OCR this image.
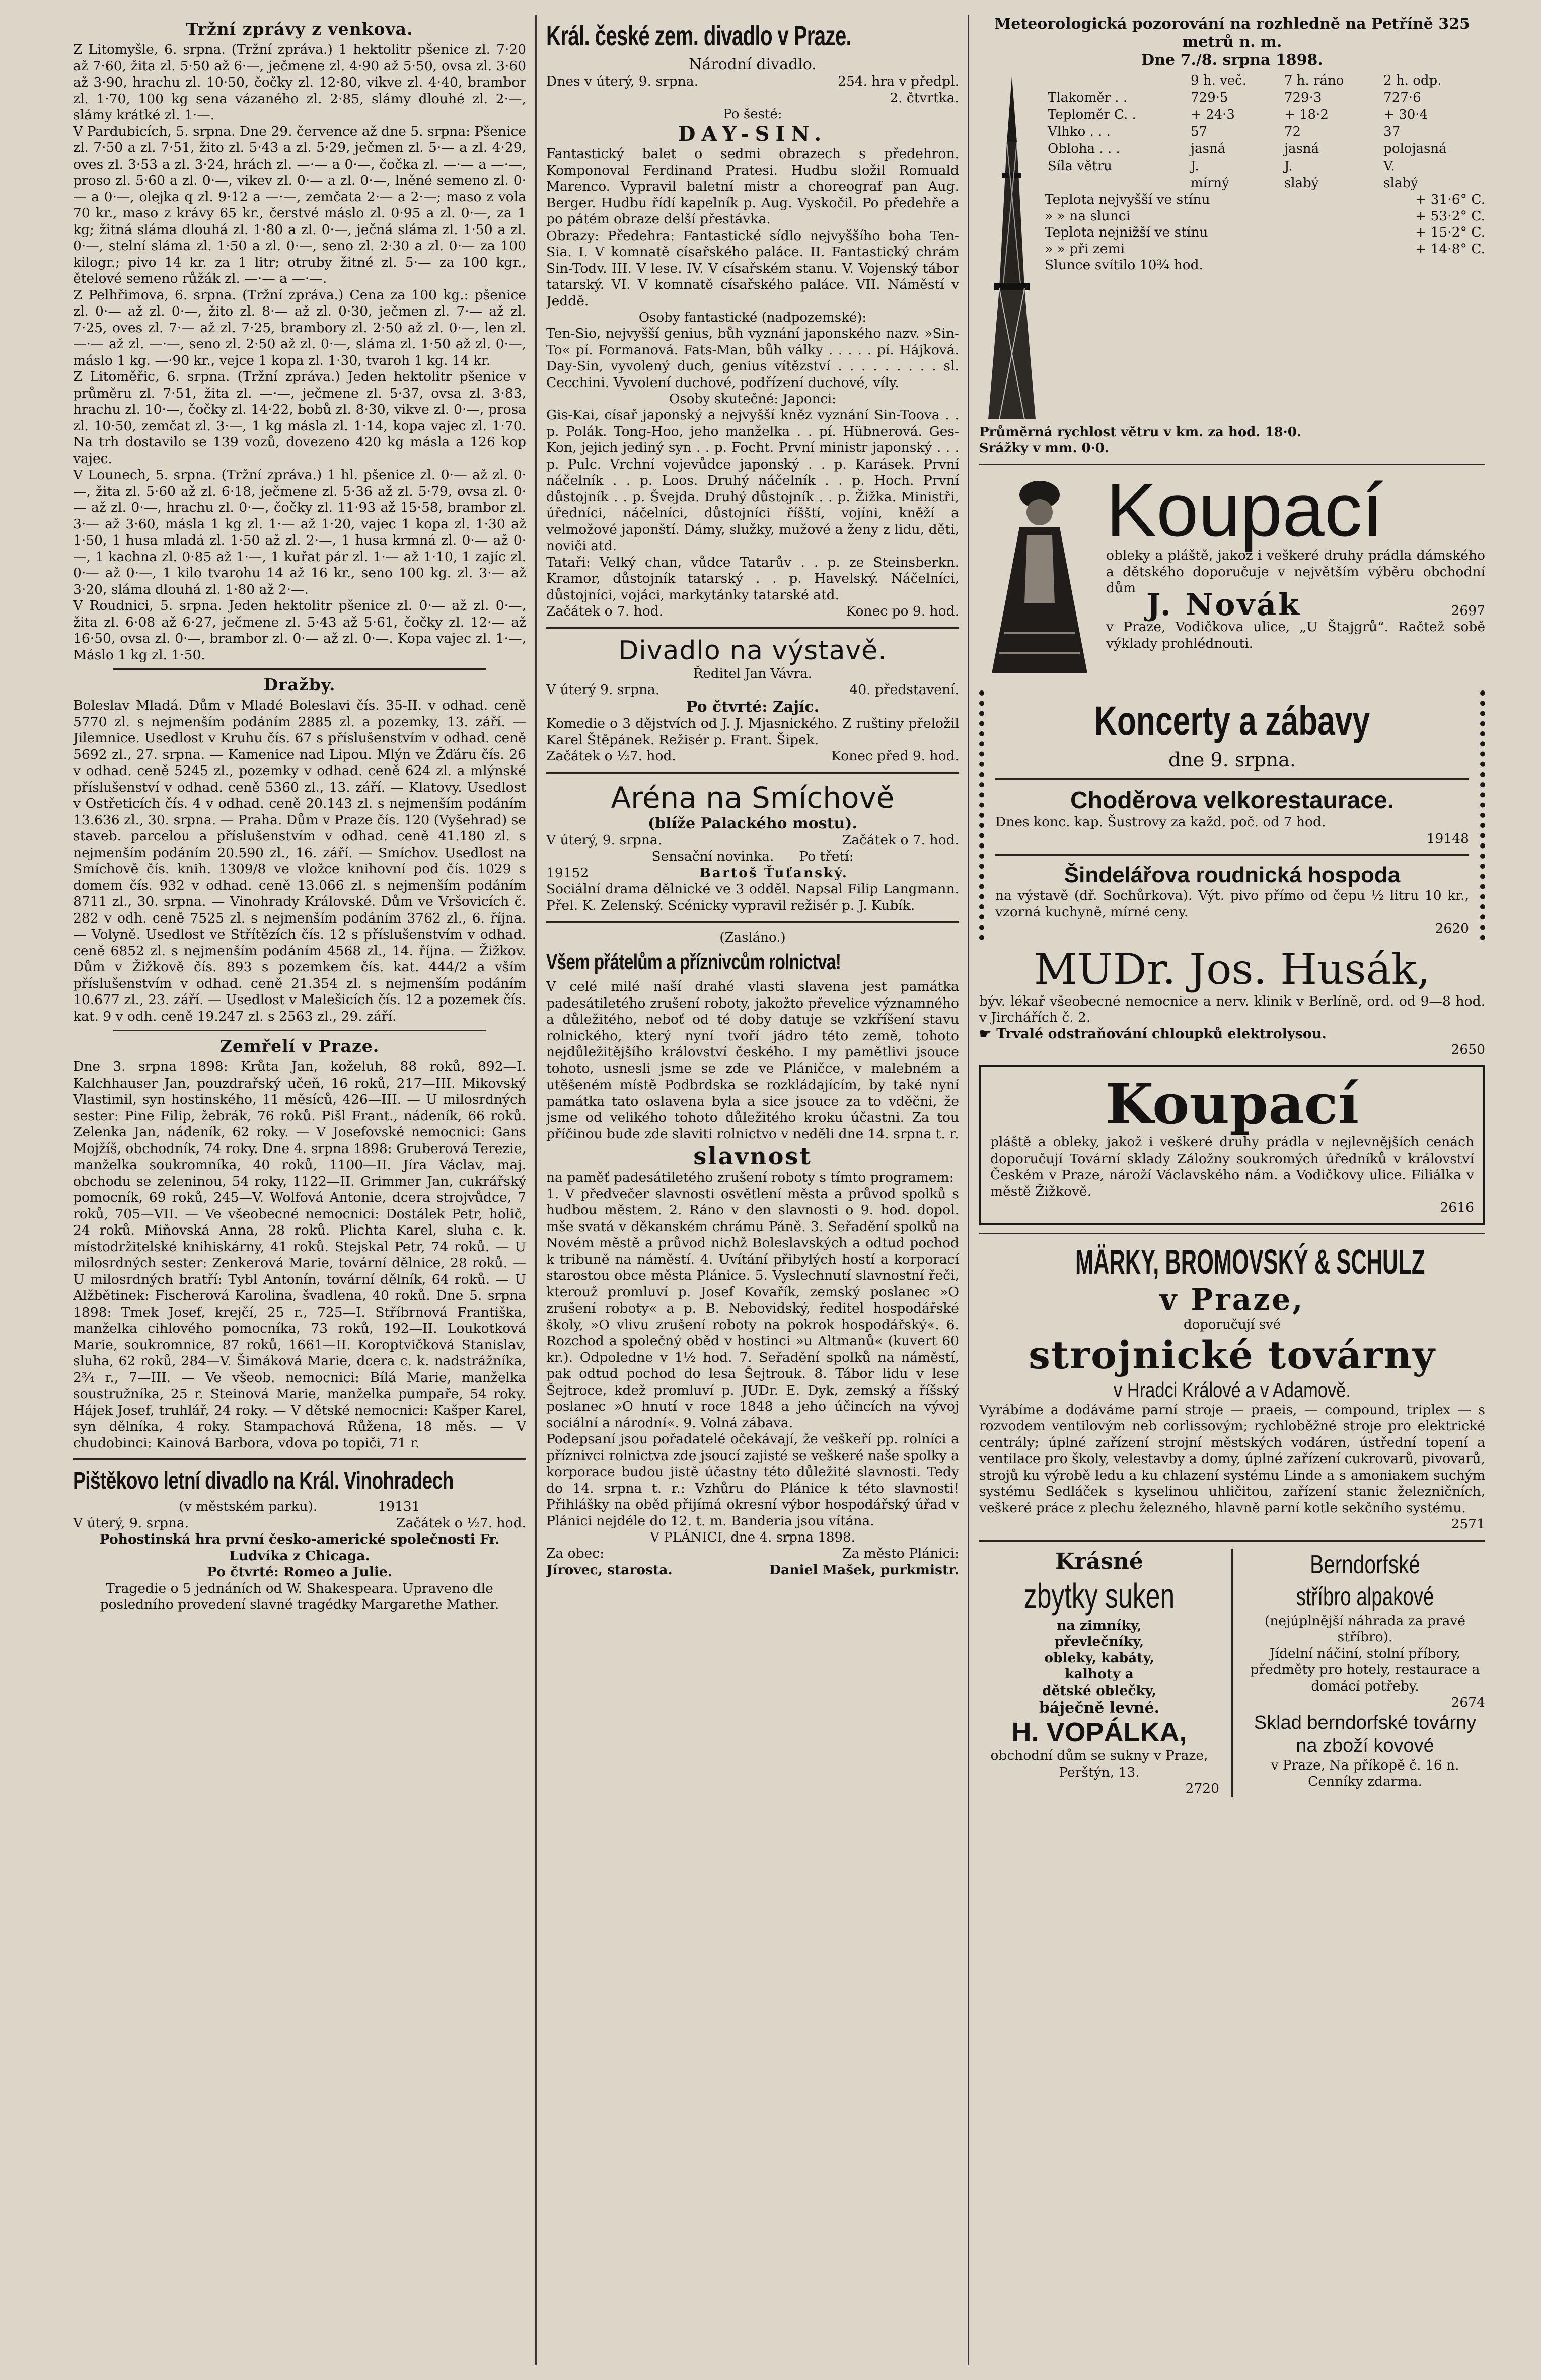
Tržní zprávy z venkova.

Z Litomyšle, 6. srpna. (Tržní zpráva.) 1 hektolitr pšenice zl. 7·20 až 7·60, žita zl. 5·50 až 6·—, ječmene zl. 4·90 až 5·50, ovsa zl. 3·60 až 3·90, hrachu zl. 10·50, čočky zl. 12·80, vikve zl. 4·40, brambor zl. 1·70, 100 kg sena vázaného zl. 2·85, slámy dlouhé zl. 2·—, slámy krátké zl. 1·—.

V Pardubicích, 5. srpna. Dne 29. července až dne 5. srpna: Pšenice zl. 7·50 a zl. 7·51, žito zl. 5·43 a zl. 5·29, ječmen zl. 5·— a zl. 4·29, oves zl. 3·53 a zl. 3·24, hrách zl. —·— a 0·—, čočka zl. —·— a —·—, proso zl. 5·60 a zl. 0·—, vikev zl. 0·— a zl. 0·—, lněné semeno zl. 0·— a 0·—, olejka q zl. 9·12 a —·—, zemčata 2·— a 2·—; maso z vola 70 kr., maso z krávy 65 kr., čerstvé máslo zl. 0·95 a zl. 0·—, za 1 kg; žitná sláma dlouhá zl. 1·80 a zl. 0·—, ječná sláma zl. 1·50 a zl. 0·—, stelní sláma zl. 1·50 a zl. 0·—, seno zl. 2·30 a zl. 0·— za 100 kilogr.; pivo 14 kr. za 1 litr; otruby žitné zl. 5·— za 100 kgr., ětelové semeno růžák zl. —·— a —·—.

Z Pelhřimova, 6. srpna. (Tržní zpráva.) Cena za 100 kg.: pšenice zl. 0·— až zl. 0·—, žito zl. 8·— až zl. 0·30, ječmen zl. 7·— až zl. 7·25, oves zl. 7·— až zl. 7·25, brambory zl. 2·50 až zl. 0·—, len zl. —·— až zl. —·—, seno zl. 2·50 až zl. 0·—, sláma zl. 1·50 až zl. 0·—, máslo 1 kg. —·90 kr., vejce 1 kopa zl. 1·30, tvaroh 1 kg. 14 kr.

Z Litoměřic, 6. srpna. (Tržní zpráva.) Jeden hektolitr pšenice v průměru zl. 7·51, žita zl. —·—, ječmene zl. 5·37, ovsa zl. 3·83, hrachu zl. 10·—, čočky zl. 14·22, bobů zl. 8·30, vikve zl. 0·—, prosa zl. 10·50, zemčat zl. 3·—, 1 kg másla zl. 1·14, kopa vajec zl. 1·70. Na trh dostavilo se 139 vozů, dovezeno 420 kg másla a 126 kop vajec.

V Lounech, 5. srpna. (Tržní zpráva.) 1 hl. pšenice zl. 0·— až zl. 0·—, žita zl. 5·60 až zl. 6·18, ječmene zl. 5·36 až zl. 5·79, ovsa zl. 0·— až zl. 0·—, hrachu zl. 0·—, čočky zl. 11·93 až 15·58, brambor zl. 3·— až 3·60, másla 1 kg zl. 1·— až 1·20, vajec 1 kopa zl. 1·30 až 1·50, 1 husa mladá zl. 1·50 až zl. 2·—, 1 husa krmná zl. 0·— až 0·—, 1 kachna zl. 0·85 až 1·—, 1 kuřat pár zl. 1·— až 1·10, 1 zajíc zl. 0·— až 0·—, 1 kilo tvarohu 14 až 16 kr., seno 100 kg. zl. 3·— až 3·20, sláma dlouhá zl. 1·80 až 2·—.

V Roudnici, 5. srpna. Jeden hektolitr pšenice zl. 0·— až zl. 0·—, žita zl. 6·08 až 6·27, ječmene zl. 5·43 až 5·61, čočky zl. 12·— až 16·50, ovsa zl. 0·—, brambor zl. 0·— až zl. 0·—. Kopa vajec zl. 1·—, Máslo 1 kg zl. 1·50.

Dražby.

Boleslav Mladá. Dům v Mladé Boleslavi čís. 35-II. v odhad. ceně 5770 zl. s nejmenším podáním 2885 zl. a pozemky, 13. září. — Jilemnice. Usedlost v Kruhu čís. 67 s příslušenstvím v odhad. ceně 5692 zl., 27. srpna. — Kamenice nad Lipou. Mlýn ve Žďáru čís. 26 v odhad. ceně 5245 zl., pozemky v odhad. ceně 624 zl. a mlýnské příslušenství v odhad. ceně 5360 zl., 13. září. — Klatovy. Usedlost v Ostřeticích čís. 4 v odhad. ceně 20.143 zl. s nejmenším podáním 13.636 zl., 30. srpna. — Praha. Dům v Praze čís. 120 (Vyšehrad) se staveb. parcelou a příslušenstvím v odhad. ceně 41.180 zl. s nejmenším podáním 20.590 zl., 16. září. — Smíchov. Usedlost na Smíchově čís. knih. 1309/8 ve vložce knihovní pod čís. 1029 s domem čís. 932 v odhad. ceně 13.066 zl. s nejmenším podáním 8711 zl., 30. srpna. — Vinohrady Královské. Dům ve Vršovicích č. 282 v odh. ceně 7525 zl. s nejmenším podáním 3762 zl., 6. října. — Volyně. Usedlost ve Střítězích čís. 12 s příslušenstvím v odhad. ceně 6852 zl. s nejmenším podáním 4568 zl., 14. října. — Žižkov. Dům v Žižkově čís. 893 s pozemkem čís. kat. 444/2 a vším příslušenstvím v odhad. ceně 21.354 zl. s nejmenším podáním 10.677 zl., 23. září. — Usedlost v Malešicích čís. 12 a pozemek čís. kat. 9 v odh. ceně 19.247 zl. s 2563 zl., 29. září.

Zemřelí v Praze.

Dne 3. srpna 1898: Krůta Jan, koželuh, 88 roků, 892—I. Kalchhauser Jan, pouzdrařský učeň, 16 roků, 217—III. Mikovský Vlastimil, syn hostinského, 11 měsíců, 426—III. — U milosrdných sester: Pine Filip, žebrák, 76 roků. Pišl Frant., nádeník, 66 roků. Zelenka Jan, nádeník, 62 roky. — V Josefovské nemocnici: Gans Mojžíš, obchodník, 74 roky. Dne 4. srpna 1898: Gruberová Terezie, manželka soukromníka, 40 roků, 1100—II. Jíra Václav, maj. obchodu se zeleninou, 54 roky, 1122—II. Grimmer Jan, cukrářský pomocník, 69 roků, 245—V. Wolfová Antonie, dcera strojvůdce, 7 roků, 705—VII. — Ve všeobecné nemocnici: Dostálek Petr, holič, 24 roků. Miňovská Anna, 28 roků. Plichta Karel, sluha c. k. místodržitelské knihiskárny, 41 roků. Stejskal Petr, 74 roků. — U milosrdných sester: Zenkerová Marie, tovární dělnice, 28 roků. — U milosrdných bratří: Tybl Antonín, tovární dělník, 64 roků. — U Alžbětinek: Fischerová Karolina, švadlena, 40 roků. Dne 5. srpna 1898: Tmek Josef, krejčí, 25 r., 725—I. Stříbrnová Františka, manželka cihlového pomocníka, 73 roků, 192—II. Loukotková Marie, soukromnice, 87 roků, 1661—II. Koroptvičková Stanislav, sluha, 62 roků, 284—V. Šimáková Marie, dcera c. k. nadstrážníka, 2¾ r., 7—III. — Ve všeob. nemocnici: Bílá Marie, manželka soustružníka, 25 r. Steinová Marie, manželka pumpaře, 54 roky. Hájek Josef, truhlář, 24 roky. — V dětské nemocnici: Kašper Karel, syn dělníka, 4 roky. Stampachová Růžena, 18 měs. — V chudobinci: Kainová Barbora, vdova po topiči, 71 r.

Pištěkovo letní divadlo na Král. Vinohradech
(v městském parku).	19131
V úterý, 9. srpna.	Začátek o ½7. hod.

Pohostinská hra první česko-americké společnosti Fr. Ludvíka z Chicaga.

Po čtvrté: Romeo a Julie.

Tragedie o 5 jednáních od W. Shakespeara. Upraveno dle posledního provedení slavné tragédky Margarethe Mather.

Král. české zem. divadlo v Praze.
Národní divadlo.
Dnes v úterý, 9. srpna.	254. hra v předpl.
2. čtvrtka.
Po šesté:
DAY-SIN.

Fantastický balet o sedmi obrazech s předehron. Komponoval Ferdinand Pratesi. Hudbu složil Romuald Marenco. Vypravil baletní mistr a choreograf pan Aug. Berger. Hudbu řídí kapelník p. Aug. Vyskočil. Po předehře a po pátém obraze delší přestávka.

Obrazy: Předehra: Fantastické sídlo nejvyššího boha Ten-Sia. I. V komnatě císařského paláce. II. Fantastický chrám Sin-Todv. III. V lese. IV. V císařském stanu. V. Vojenský tábor tatarský. VI. V komnatě císařského paláce. VII. Náměstí v Jeddě.

Osoby fantastické (nadpozemské):

Ten-Sio, nejvyšší genius, bůh vyznání japonského nazv. »Sin-To« pí. Formanová. Fats-Man, bůh války . . . . . pí. Hájková. Day-Sin, vyvolený duch, genius vítězství . . . . . . . . . sl. Cecchini. Vyvolení duchové, podřízení duchové, víly.

Osoby skutečné: Japonci:

Gis-Kai, císař japonský a nejvyšší kněz vyznání Sin-Toova . . p. Polák. Tong-Hoo, jeho manželka . . pí. Hübnerová. Ges-Kon, jejich jediný syn . . p. Focht. První ministr japonský . . . p. Pulc. Vrchní vojevůdce japonský . . p. Karásek. První náčelník . . p. Loos. Druhý náčelník . . p. Hoch. První důstojník . . p. Švejda. Druhý důstojník . . p. Žižka. Ministři, úředníci, náčelníci, důstojníci říšští, vojíni, kněží a velmožové japonští. Dámy, služky, mužové a ženy z lidu, děti, noviči atd.

Tataři: Velký chan, vůdce Tatarův . . p. ze Steinsberkn. Kramor, důstojník tatarský . . p. Havelský. Náčelníci, důstojníci, vojáci, markytánky tatarské atd.

Začátek o 7. hod.	Konec po 9. hod.
Divadlo na výstavě.
Ředitel Jan Vávra.
V úterý 9. srpna.	40. představení.
Po čtvrté: Zajíc.

Komedie o 3 dějstvích od J. J. Mjasnického. Z ruštiny přeložil Karel Štěpánek. Režisér p. Frant. Šipek.

Začátek o ½7. hod.	Konec před 9. hod.
Aréna na Smíchově
(blíže Palackého mostu).
V úterý, 9. srpna.	Začátek o 7. hod.
Sensační novinka. Po třetí:
19152	Bartoš Ťuťanský.

Sociální drama dělnické ve 3 odděl. Napsal Filip Langmann. Přel. K. Zelenský. Scénicky vypravil režisér p. J. Kubík.

(Zasláno.)
Všem přátelům a příznivcům rolnictva!

V celé milé naší drahé vlasti slavena jest památka padesátiletého zrušení roboty, jakožto převelice významného a důležitého, neboť od té doby datuje se vzkříšení stavu rolnického, který nyní tvoří jádro této země, tohoto nejdůležitějšího království českého. I my pamětlivi jsouce tohoto, usnesli jsme se zde ve Pláničce, v malebném a utěšeném místě Podbrdska se rozkládajícím, by také nyní památka tato oslavena byla a sice jsouce za to vděčni, že jsme od velikého tohoto důležitého kroku účastni. Za tou příčinou bude zde slaviti rolnictvo v neděli dne 14. srpna t. r.

slavnost

na paměť padesátiletého zrušení roboty s tímto programem:

1. V předvečer slavnosti osvětlení města a průvod spolků s hudbou městem. 2. Ráno v den slavnosti o 9. hod. dopol. mše svatá v děkanském chrámu Páně. 3. Seřadění spolků na Novém městě a průvod nichž Boleslavských a odtud pochod k tribuně na náměstí. 4. Uvítání přibylých hostí a korporací starostou obce města Plánice. 5. Vyslechnutí slavnostní řeči, kterouž promluví p. Josef Kovařík, zemský poslanec »O zrušení roboty« a p. B. Nebovidský, ředitel hospodářské školy, »O vlivu zrušení roboty na pokrok hospodářský«. 6. Rozchod a společný oběd v hostinci »u Altmanů« (kuvert 60 kr.). Odpoledne v 1½ hod. 7. Seřadění spolků na náměstí, pak odtud pochod do lesa Šejtrouk. 8. Tábor lidu v lese Šejtroce, kdež promluví p. JUDr. E. Dyk, zemský a říšský poslanec »O hnutí v roce 1848 a jeho účincích na vývoj sociální a národní«. 9. Volná zábava.

Podepsaní jsou pořadatelé očekávají, že veškeří pp. rolníci a příznivci rolnictva zde jsoucí zajisté se veškeré naše spolky a korporace budou jistě účastny této důležité slavnosti. Tedy do 14. srpna t. r.: Vzhůru do Plánice k této slavnosti! Přihlášky na oběd přijímá okresní výbor hospodářský úřad v Plánici nejdéle do 12. t. m. Banderia jsou vítána.

V PLÁNICI, dne 4. srpna 1898.
Za obec:	Za město Plánici:
Jírovec, starosta.	Daniel Mašek, purkmistr.
Meteorologická pozorování na rozhledně na Petříně 325 metrů n. m.
Dne 7./8. srpna 1898.
	9 h. več.	7 h. ráno	2 h. odp.
Tlakoměr . .	729·5	729·3	727·6
Teploměr C. .	+ 24·3	+ 18·2	+ 30·4
Vlhko . . .	57	72	37
Obloha . . .	jasná	jasná	polojasná
Síla větru	J.	J.	V.
	mírný	slabý	slabý
Teplota nejvyšší ve stínu	+ 31·6° C.
» » na slunci	+ 53·2° C.
Teplota nejnižší ve stínu	+ 15·2° C.
» » při zemi	+ 14·8° C.
Slunce svítilo 10¾ hod.
Průměrná rychlost větru v km. za hod. 18·0.
Srážky v mm. 0·0.
Koupací

obleky a pláště, jakož i veškeré druhy prádla dámského a dětského doporučuje v největším výběru obchodní dům J. Novák	2697

v Praze, Vodičkova ulice, „U Štajgrů“. Račtež sobě výklady prohlédnouti.

Koncerty a zábavy
dne 9. srpna.
Choděrova velkorestaurace.

Dnes konc. kap. Šustrovy za každ. poč. od 7 hod.

19148
Šindelářova roudnická hospoda

na výstavě (dř. Sochůrkova). Výt. pivo přímo od čepu ½ litru 10 kr., vzorná kuchyně, mírné ceny.

2620
MUDr. Jos. Husák,

býv. lékař všeobecné nemocnice a nerv. klinik v Berlíně, ord. od 9—8 hod. v Jirchářích č. 2.

☛ Trvalé odstraňování chloupků elektrolysou.
2650
Koupací

pláště a obleky, jakož i veškeré druhy prádla v nejlevnějších cenách doporučují Tovární sklady Záložny soukromých úředníků v království Českém v Praze, nároží Václavského nám. a Vodičkovy ulice. Filiálka v městě Žižkově.

2616
MÄRKY, BROMOVSKÝ & SCHULZ
v Praze,
doporučují své
strojnické továrny
v Hradci Králové a v Adamově.

Vyrábíme a dodáváme parní stroje — praeis, — compound, triplex — s rozvodem ventilovým neb corlissovým; rychloběžné stroje pro elektrické centrály; úplné zařízení strojní městských vodáren, ústřední topení a ventilace pro školy, velestavby a domy, úplné zařízení cukrovarů, pivovarů, strojů ku výrobě ledu a ku chlazení systému Linde a s amoniakem suchým systému Sedláček s kyselinou uhličitou, zařízení stanic železničních, veškeré práce z plechu železného, hlavně parní kotle sekčního systému.

2571
Krásné
zbytky suken
na zimníky,
převlečníky,
obleky, kabáty,
kalhoty a
dětské oblečky,
báječně levné.
H. VOPÁLKA,

obchodní dům se sukny v Praze, Perštýn, 13.

2720
Berndorfské
stříbro alpakové

(nejúplnější náhrada za pravé stříbro).

Jídelní náčiní, stolní příbory, předměty pro hotely, restaurace a domácí potřeby.

2674
Sklad berndorfské továrny na zboží kovové

v Praze, Na příkopě č. 16 n.

Cenníky zdarma.
